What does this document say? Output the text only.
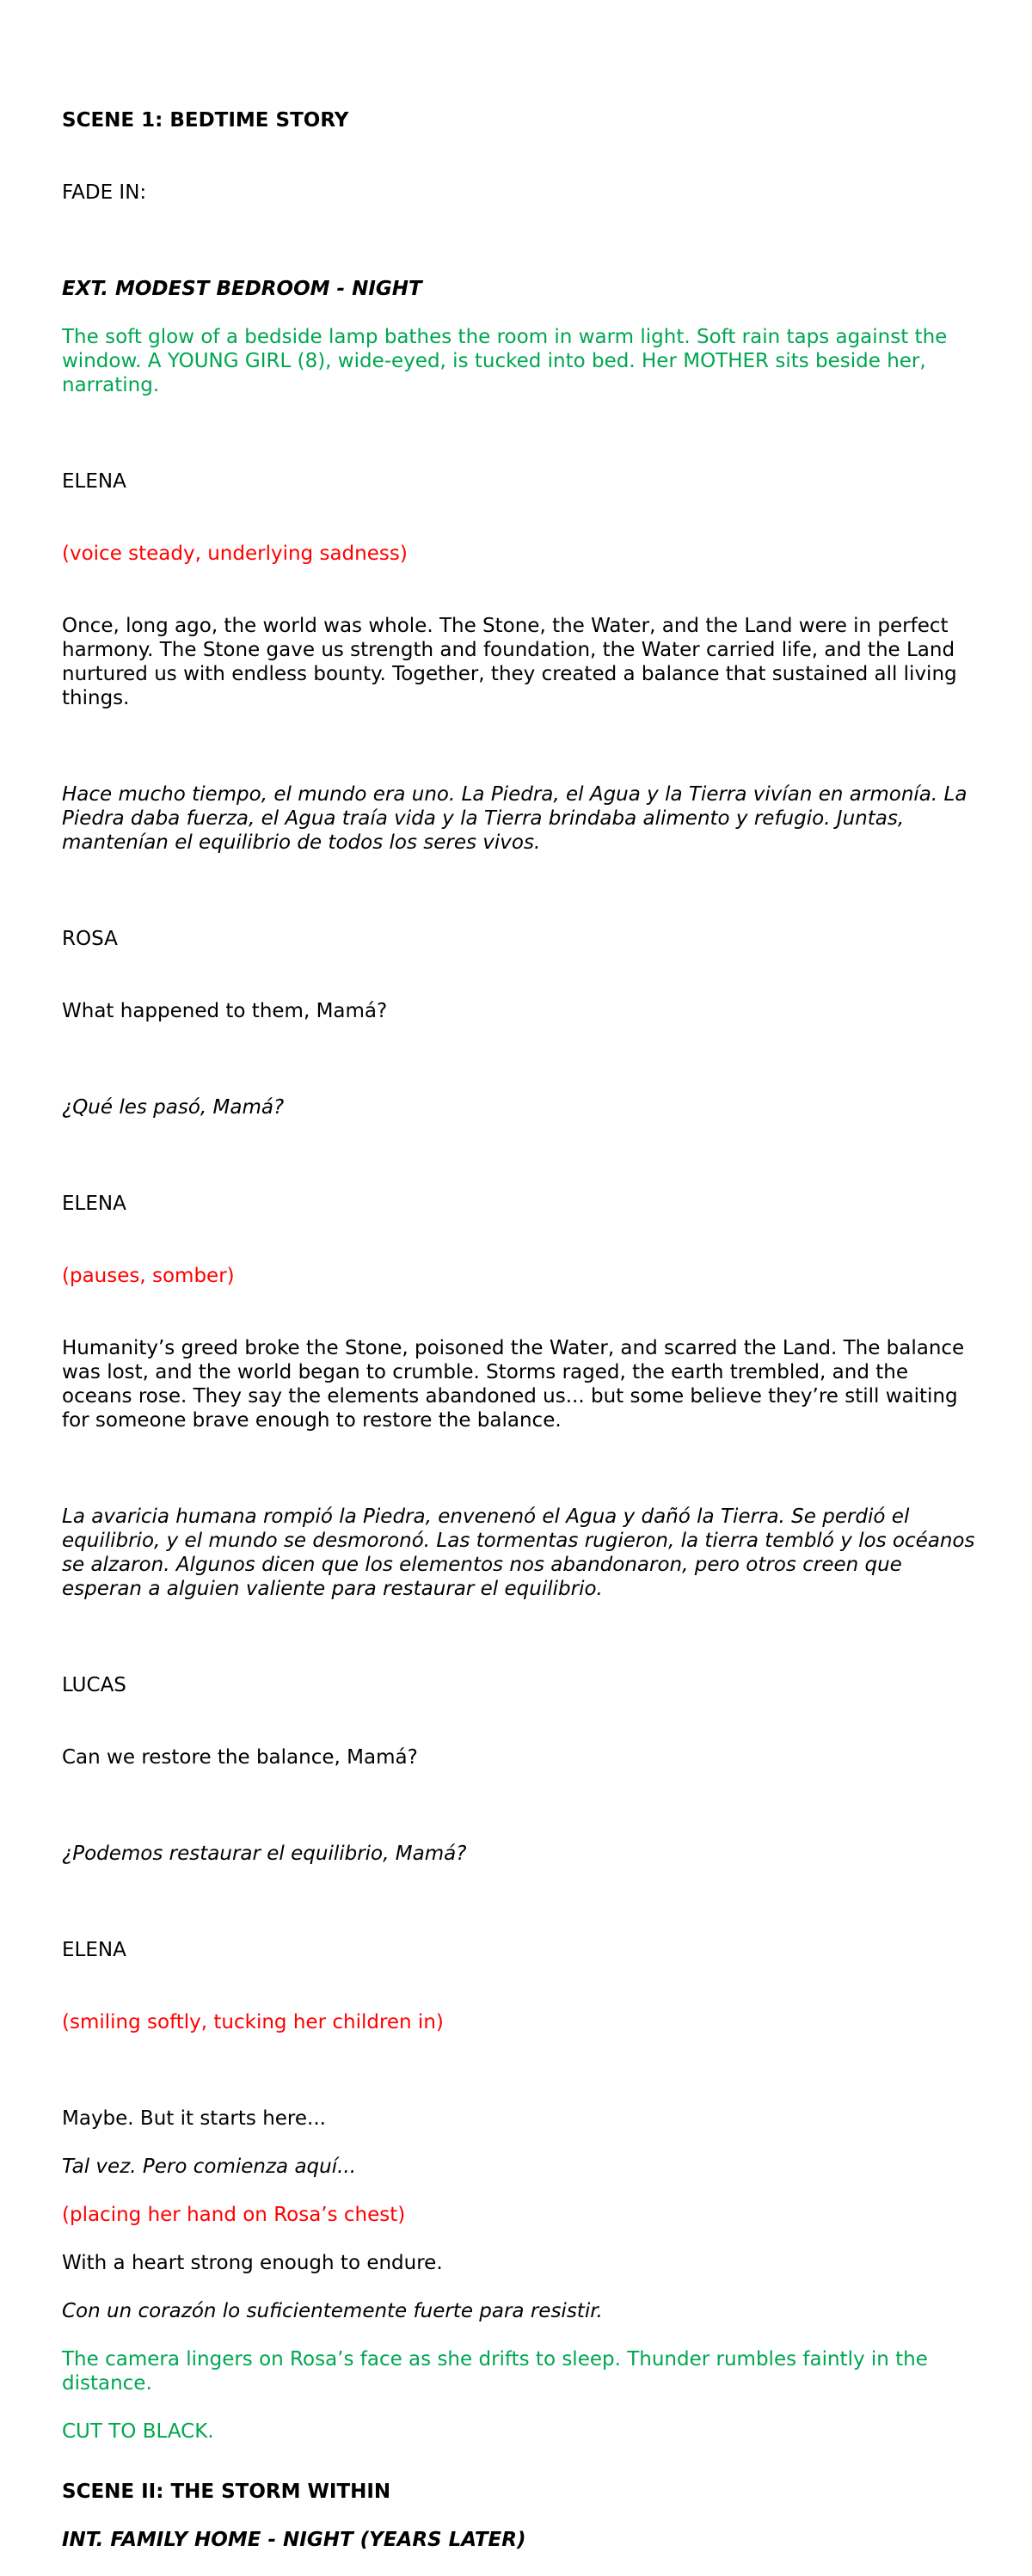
SCENE 1: BEDTIME STORY

FADE IN:

EXT. MODEST BEDROOM - NIGHT
The soft glow of a bedside lamp bathes the room in warm light. Soft rain taps against the window. A YOUNG GIRL (8), wide-eyed, is tucked into bed. Her MOTHER sits beside her, narrating.

ELENA

(voice steady, underlying sadness)

Once, long ago, the world was whole. The Stone, the Water, and the Land were in perfect harmony. The Stone gave us strength and foundation, the Water carried life, and the Land nurtured us with endless bounty. Together, they created a balance that sustained all living things.

Hace mucho tiempo, el mundo era uno. La Piedra, el Agua y la Tierra vivían en armonía. La Piedra daba fuerza, el Agua traía vida y la Tierra brindaba alimento y refugio. Juntas, mantenían el equilibrio de todos los seres vivos.

ROSA

What happened to them, Mamá?

¿Qué les pasó, Mamá?

ELENA

(pauses, somber)

Humanity’s greed broke the Stone, poisoned the Water, and scarred the Land. The balance was lost, and the world began to crumble. Storms raged, the earth trembled, and the oceans rose. They say the elements abandoned us... but some believe they’re still waiting for someone brave enough to restore the balance.

La avaricia humana rompió la Piedra, envenenó el Agua y dañó la Tierra. Se perdió el equilibrio, y el mundo se desmoronó. Las tormentas rugieron, la tierra tembló y los océanos se alzaron. Algunos dicen que los elementos nos abandonaron, pero otros creen que esperan a alguien valiente para restaurar el equilibrio.

LUCAS

Can we restore the balance, Mamá?

¿Podemos restaurar el equilibrio, Mamá?

ELENA

(smiling softly, tucking her children in)

Maybe. But it starts here...
Tal vez. Pero comienza aquí...
(placing her hand on Rosa’s chest)
With a heart strong enough to endure.
Con un corazón lo suficientemente fuerte para resistir.
The camera lingers on Rosa’s face as she drifts to sleep. Thunder rumbles faintly in the distance.
CUT TO BLACK.
SCENE II: THE STORM WITHIN
INT. FAMILY HOME - NIGHT (YEARS LATER)
